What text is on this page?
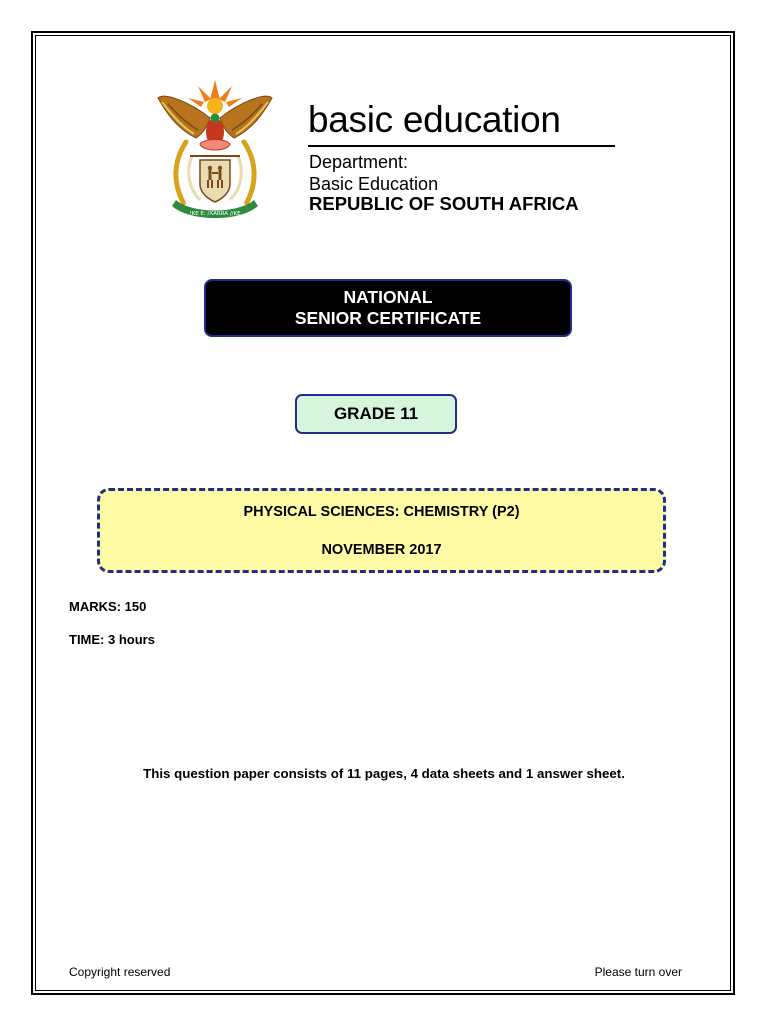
!KE E: /XARRA //KE
basic education
Department:
Basic Education
REPUBLIC OF SOUTH AFRICA
NATIONAL
SENIOR CERTIFICATE
GRADE 11
PHYSICAL SCIENCES: CHEMISTRY (P2)
NOVEMBER 2017
MARKS: 150
TIME: 3 hours
This question paper consists of 11 pages, 4 data sheets and 1 answer sheet.
Copyright reserved	Please turn over
